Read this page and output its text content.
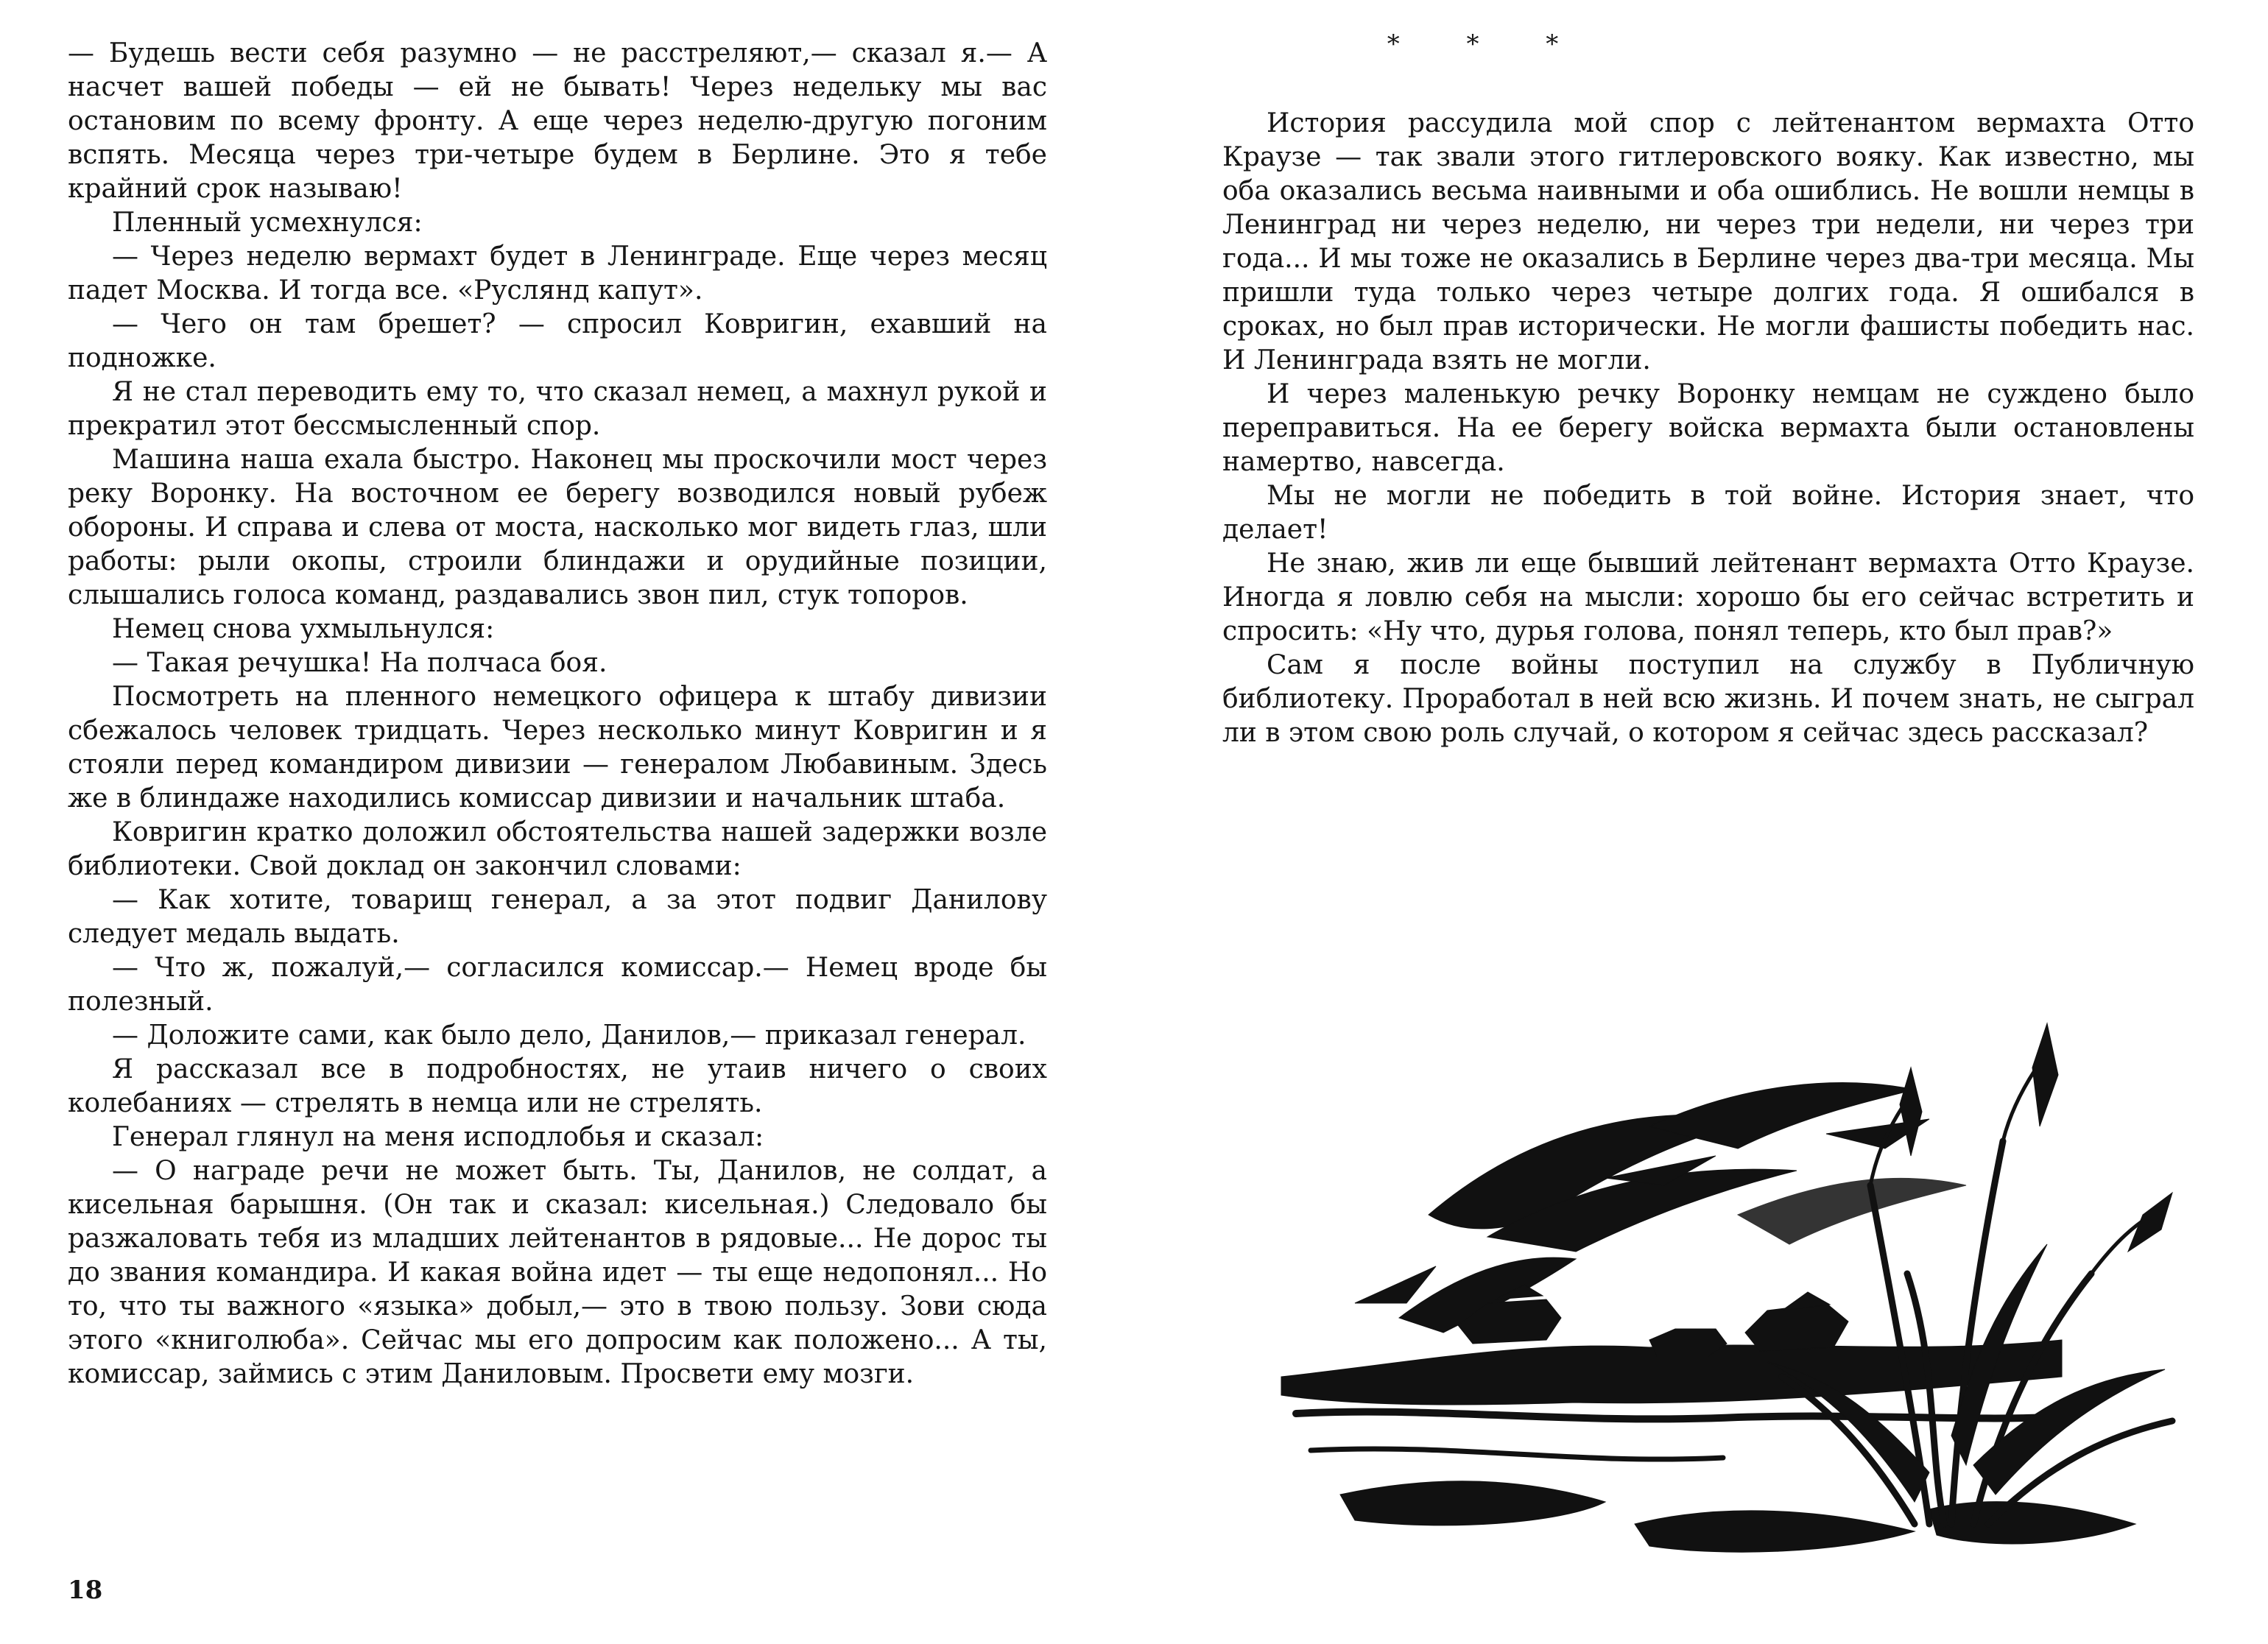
— Будешь вести себя разумно — не расстреляют,— сказал я.— А насчет вашей победы — ей не бывать! Через недельку мы вас остановим по всему фронту. А еще через неделю-другую погоним вспять. Месяца через три-четыре будем в Берлине. Это я тебе крайний срок называю!

Пленный усмехнулся:

— Через неделю вермахт будет в Ленинграде. Еще через месяц падет Москва. И тогда все. «Руслянд капут».

— Чего он там брешет? — спросил Ковригин, ехавший на подножке.

Я не стал переводить ему то, что сказал немец, а махнул рукой и прекратил этот бессмысленный спор.

Машина наша ехала быстро. Наконец мы проскочили мост через реку Воронку. На восточном ее берегу возводился новый рубеж обороны. И справа и слева от моста, насколько мог видеть глаз, шли работы: рыли окопы, строили блиндажи и орудийные позиции, слышались голоса команд, раздавались звон пил, стук топоров.

Немец снова ухмыльнулся:

— Такая речушка! На полчаса боя.

Посмотреть на пленного немецкого офицера к штабу дивизии сбежалось человек тридцать. Через несколько минут Ковригин и я стояли перед командиром дивизии — генералом Любавиным. Здесь же в блиндаже находились комиссар дивизии и начальник штаба.

Ковригин кратко доложил обстоятельства нашей задержки возле библиотеки. Свой доклад он закончил словами:

— Как хотите, товарищ генерал, а за этот подвиг Данилову следует медаль выдать.

— Что ж, пожалуй,— согласился комиссар.— Немец вроде бы полезный.

— Доложите сами, как было дело, Данилов,— приказал генерал.

Я рассказал все в подробностях, не утаив ничего о своих колебаниях — стрелять в немца или не стрелять.

Генерал глянул на меня исподлобья и сказал:

— О награде речи не может быть. Ты, Данилов, не солдат, а кисельная барышня. (Он так и сказал: кисельная.) Следовало бы разжаловать тебя из младших лейтенантов в рядовые... Не дорос ты до звания командира. И какая война идет — ты еще недопонял... Но то, что ты важного «языка» добыл,— это в твою пользу. Зови сюда этого «книголюба». Сейчас мы его допросим как положено... А ты, комиссар, займись с этим Даниловым. Просвети ему мозги.

18
* * *

История рассудила мой спор с лейтенантом вермахта Отто Краузе — так звали этого гитлеровского вояку. Как известно, мы оба оказались весьма наивными и оба ошиблись. Не вошли немцы в Ленинград ни через неделю, ни через три недели, ни через три года... И мы тоже не оказались в Берлине через два-три месяца. Мы пришли туда только через четыре долгих года. Я ошибался в сроках, но был прав исторически. Не могли фашисты победить нас. И Ленинграда взять не могли.

И через маленькую речку Воронку немцам не суждено было переправиться. На ее берегу войска вермахта были остановлены намертво, навсегда.

Мы не могли не победить в той войне. История знает, что делает!

Не знаю, жив ли еще бывший лейтенант вермахта Отто Краузе. Иногда я ловлю себя на мысли: хорошо бы его сейчас встретить и спросить: «Ну что, дурья голова, понял теперь, кто был прав?»

Сам я после войны поступил на службу в Публичную библиотеку. Проработал в ней всю жизнь. И почем знать, не сыграл ли в этом свою роль случай, о котором я сейчас здесь рассказал?
